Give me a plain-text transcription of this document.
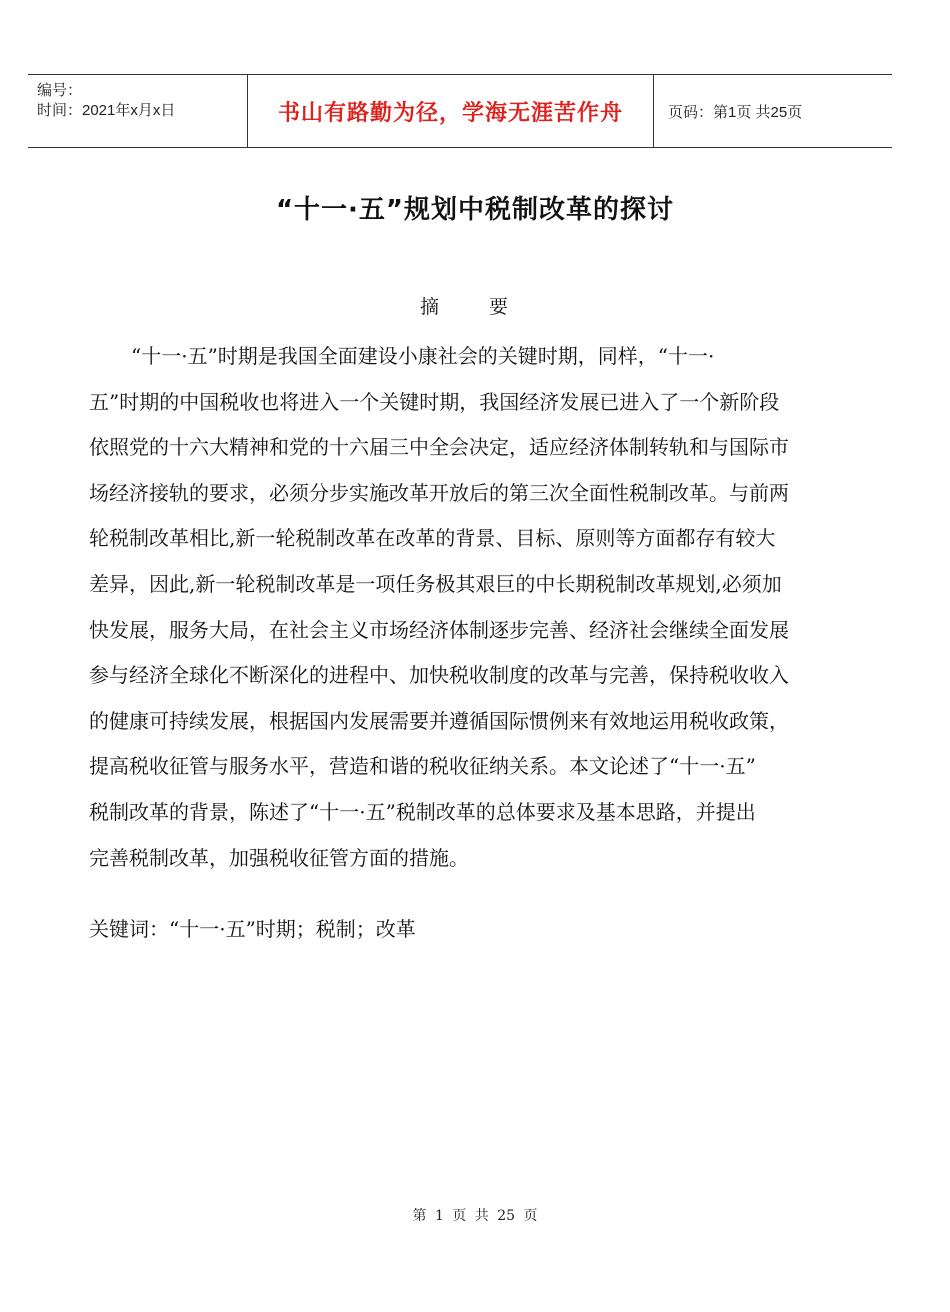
编号：
时间：2021年x月x日	书山有路勤为径，学海无涯苦作舟	页码：第1页 共25页
“十一·五”规划中税制改革的探讨
摘 要
“十一·五”时期是我国全面建设小康社会的关键时期，同样，“十一·
五”时期的中国税收也将进入一个关键时期，我国经济发展已进入了一个新阶段
依照党的十六大精神和党的十六届三中全会决定，适应经济体制转轨和与国际市
场经济接轨的要求，必须分步实施改革开放后的第三次全面性税制改革。与前两
轮税制改革相比,新一轮税制改革在改革的背景、目标、原则等方面都存有较大
差异，因此,新一轮税制改革是一项任务极其艰巨的中长期税制改革规划,必须加
快发展，服务大局，在社会主义市场经济体制逐步完善、经济社会继续全面发展
参与经济全球化不断深化的进程中、加快税收制度的改革与完善，保持税收收入
的健康可持续发展，根据国内发展需要并遵循国际惯例来有效地运用税收政策，
提高税收征管与服务水平，营造和谐的税收征纳关系。本文论述了“十一·五”
税制改革的背景，陈述了“十一·五”税制改革的总体要求及基本思路，并提出
完善税制改革，加强税收征管方面的措施。
关键词：“十一·五”时期；税制；改革
第 1 页 共 25 页
